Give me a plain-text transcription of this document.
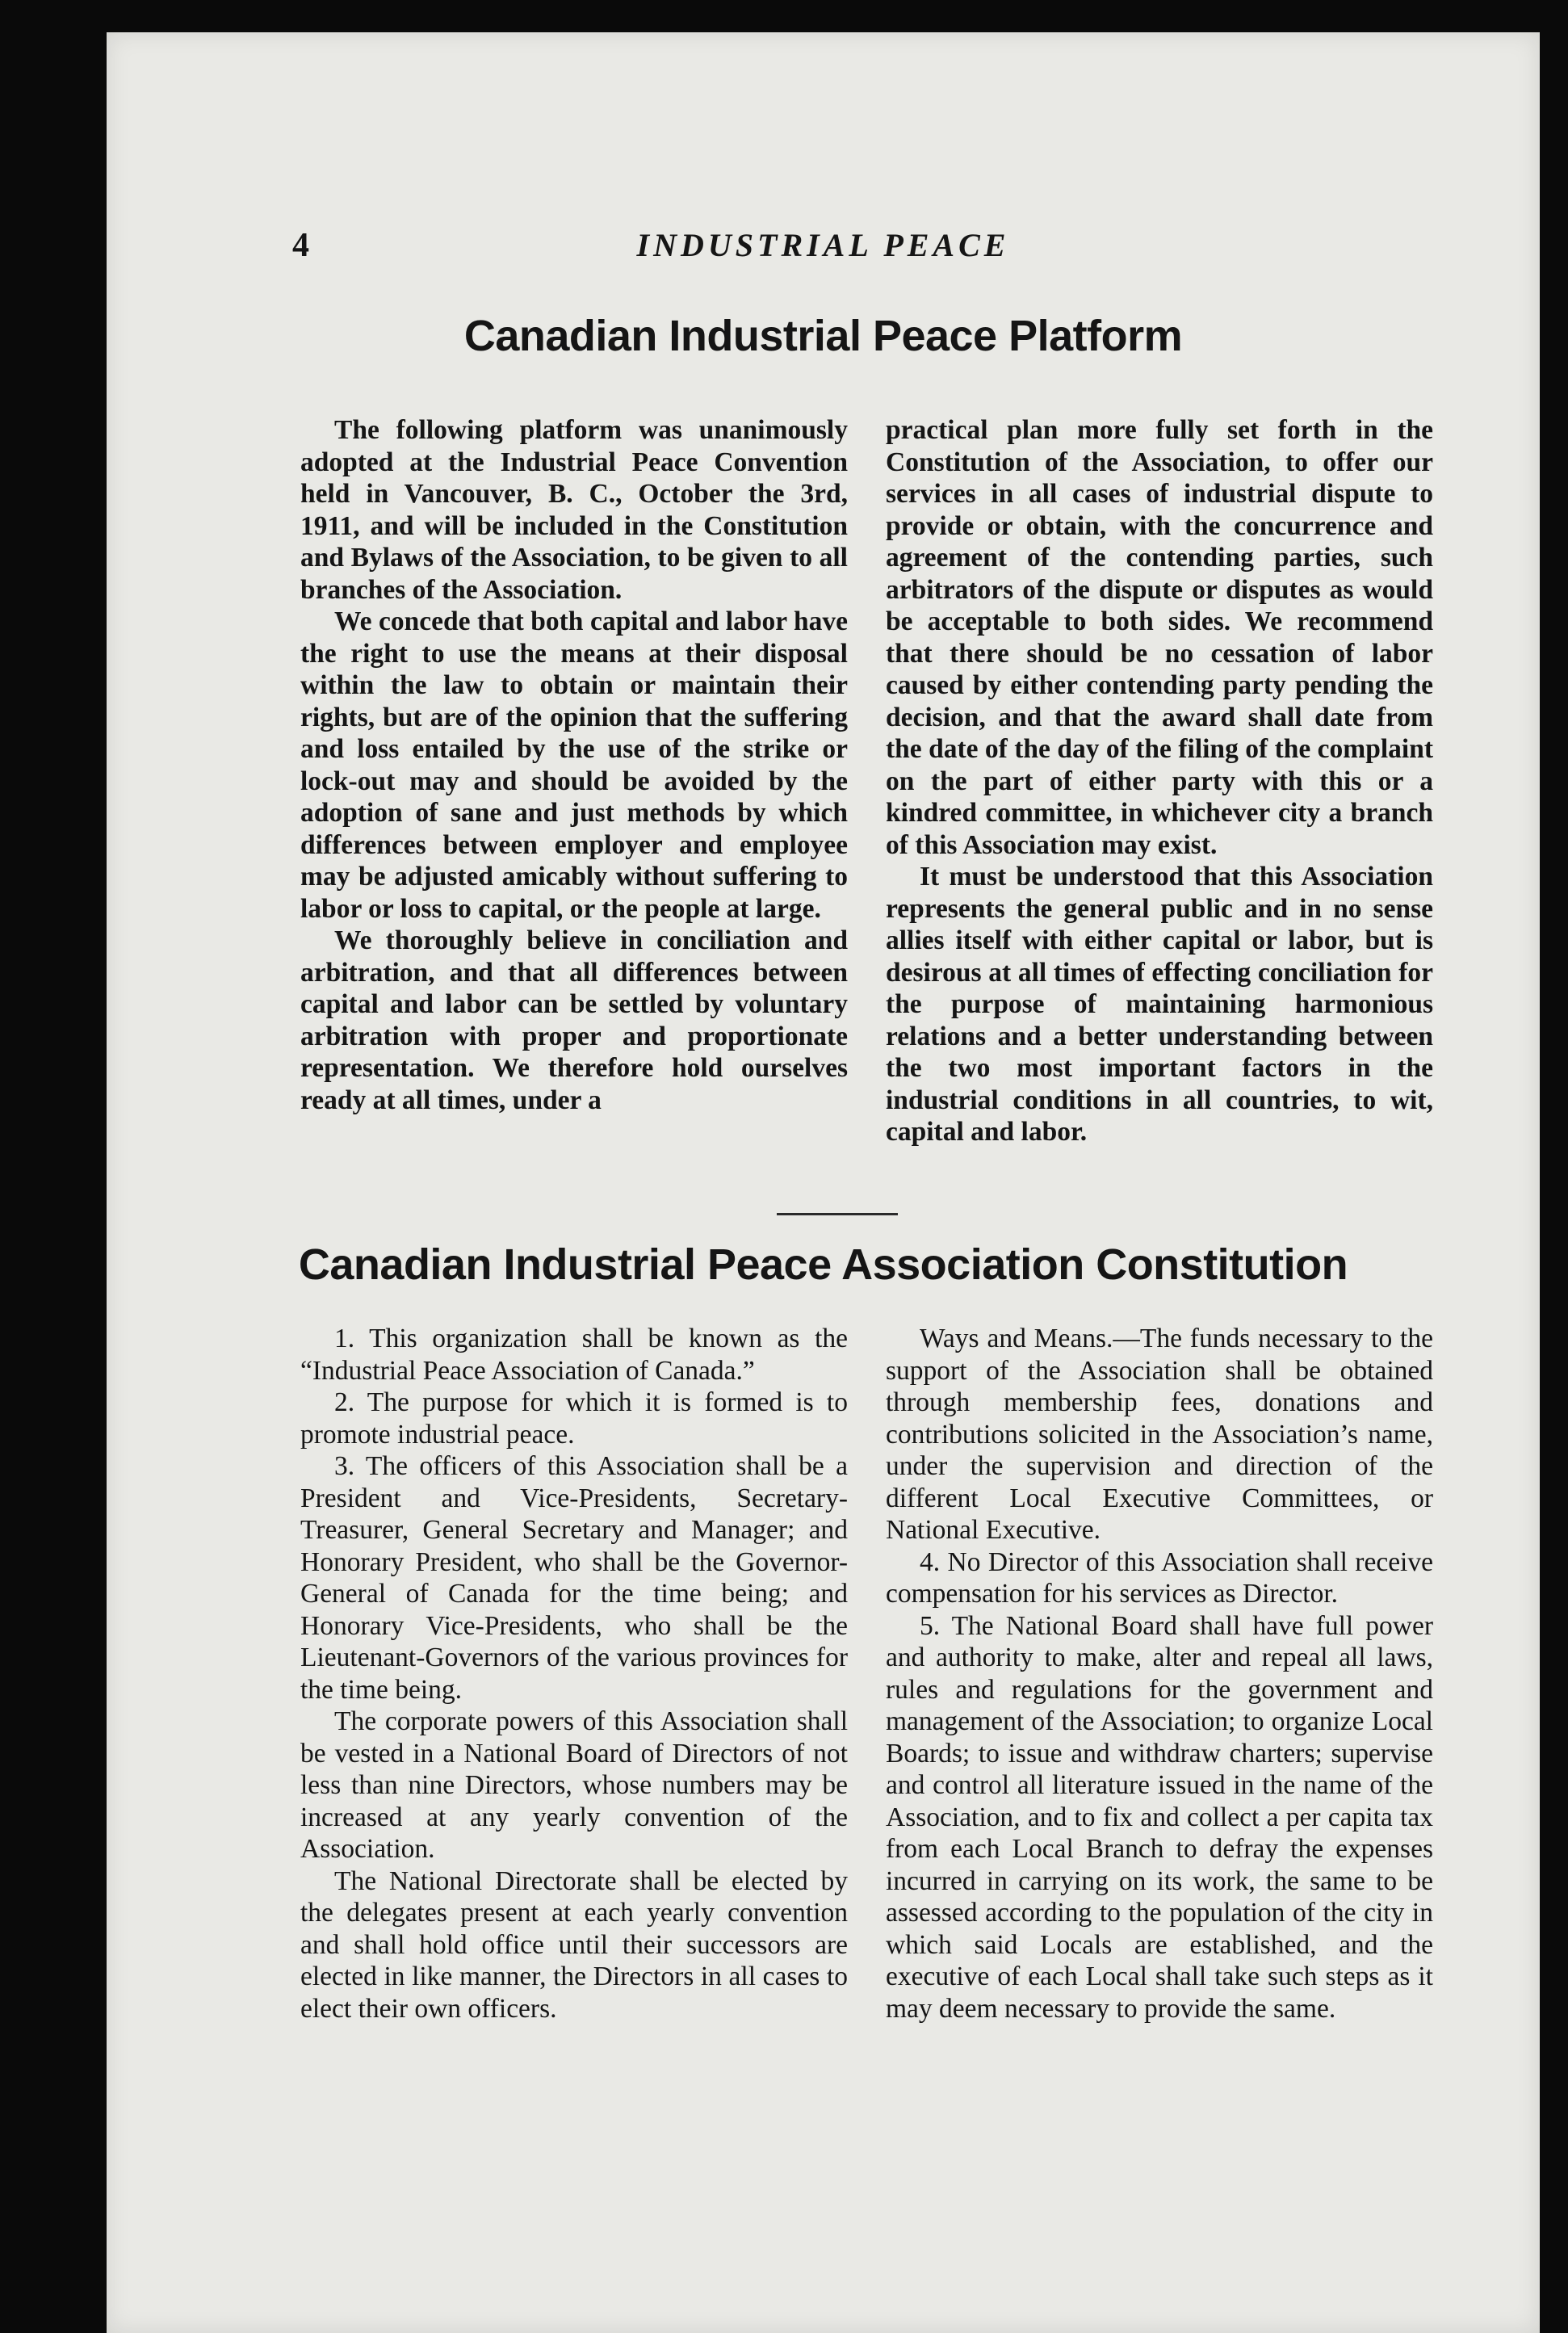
4	INDUSTRIAL PEACE
Canadian Industrial Peace Platform

The following platform was unanimously adopted at the Industrial Peace Convention held in Vancouver, B. C., October the 3rd, 1911, and will be included in the Constitution and Bylaws of the Association, to be given to all branches of the Association.

We concede that both capital and labor have the right to use the means at their disposal within the law to obtain or maintain their rights, but are of the opinion that the suffering and loss entailed by the use of the strike or lock-out may and should be avoided by the adoption of sane and just methods by which differences between employer and employee may be adjusted amicably without suffering to labor or loss to capital, or the people at large.

We thoroughly believe in conciliation and arbitration, and that all differences between capital and labor can be settled by voluntary arbitration with proper and proportionate representation. We therefore hold ourselves ready at all times, under a

practical plan more fully set forth in the Constitution of the Association, to offer our services in all cases of industrial dispute to provide or obtain, with the concurrence and agreement of the contending parties, such arbitrators of the dispute or disputes as would be acceptable to both sides. We recommend that there should be no cessation of labor caused by either contending party pending the decision, and that the award shall date from the date of the day of the filing of the complaint on the part of either party with this or a kindred committee, in whichever city a branch of this Association may exist.

It must be understood that this Association represents the general public and in no sense allies itself with either capital or labor, but is desirous at all times of effecting conciliation for the purpose of maintaining harmonious relations and a better understanding between the two most important factors in the industrial conditions in all countries, to wit, capital and labor.

Canadian Industrial Peace Association Constitution

1. This organization shall be known as the “Industrial Peace Association of Canada.”

2. The purpose for which it is formed is to promote industrial peace.

3. The officers of this Association shall be a President and Vice-Presidents, Secretary-Treasurer, General Secretary and Manager; and Honorary President, who shall be the Governor-General of Canada for the time being; and Honorary Vice-Presidents, who shall be the Lieutenant-Governors of the various provinces for the time being.

The corporate powers of this Association shall be vested in a National Board of Directors of not less than nine Directors, whose numbers may be increased at any yearly convention of the Association.

The National Directorate shall be elected by the delegates present at each yearly convention and shall hold office until their successors are elected in like manner, the Directors in all cases to elect their own officers.

Ways and Means.—The funds necessary to the support of the Association shall be obtained through membership fees, donations and contributions solicited in the Association’s name, under the supervision and direction of the different Local Executive Committees, or National Executive.

4. No Director of this Association shall receive compensation for his services as Director.

5. The National Board shall have full power and authority to make, alter and repeal all laws, rules and regulations for the government and management of the Association; to organize Local Boards; to issue and withdraw charters; supervise and control all literature issued in the name of the Association, and to fix and collect a per capita tax from each Local Branch to defray the expenses incurred in carrying on its work, the same to be assessed according to the population of the city in which said Locals are established, and the executive of each Local shall take such steps as it may deem necessary to provide the same.
